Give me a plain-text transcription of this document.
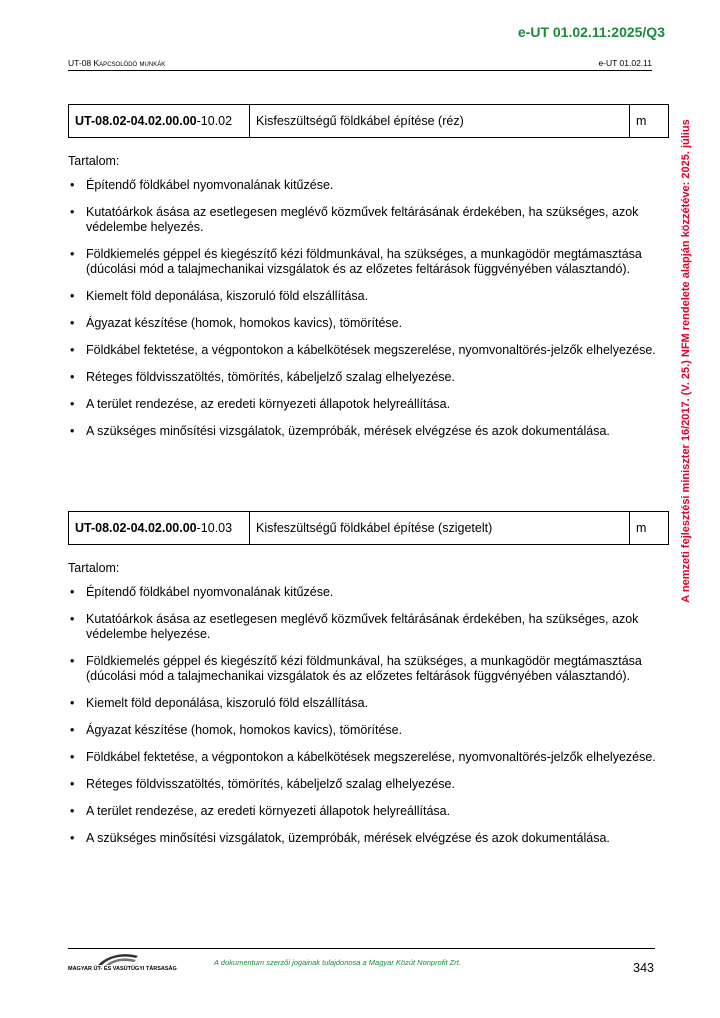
e-UT 01.02.11:2025/Q3
UT-08 Kapcsolódó munkák	e-UT 01.02.11
A nemzeti fejlesztési miniszter 16/2017. (V. 25.) NFM rendelete alapján közzétéve: 2025. július
UT-08.02-04.02.00.00-10.02	Kisfeszültségű földkábel építése (réz)	m
Tartalom:
• Építendő földkábel nyomvonalának kitűzése.
• Kutatóárkok ásása az esetlegesen meglévő közművek feltárásának érdekében, ha szükséges, azok védelembe helyezés.
• Földkiemelés géppel és kiegészítő kézi földmunkával, ha szükséges, a munkagödör megtámasztása (dúcolási mód a talajmechanikai vizsgálatok és az előzetes feltárások függvényében választandó).
• Kiemelt föld deponálása, kiszoruló föld elszállítása.
• Ágyazat készítése (homok, homokos kavics), tömörítése.
• Földkábel fektetése, a végpontokon a kábelkötések megszerelése, nyomvonaltörés-jelzők elhelyezése.
• Réteges földvisszatöltés, tömörítés, kábeljelző szalag elhelyezése.
• A terület rendezése, az eredeti környezeti állapotok helyreállítása.
• A szükséges minősítési vizsgálatok, üzempróbák, mérések elvégzése és azok dokumentálása.
UT-08.02-04.02.00.00-10.03	Kisfeszültségű földkábel építése (szigetelt)	m
Tartalom:
• Építendő földkábel nyomvonalának kitűzése.
• Kutatóárkok ásása az esetlegesen meglévő közművek feltárásának érdekében, ha szükséges, azok védelembe helyezése.
• Földkiemelés géppel és kiegészítő kézi földmunkával, ha szükséges, a munkagödör megtámasztása (dúcolási mód a talajmechanikai vizsgálatok és az előzetes feltárások függvényében választandó).
• Kiemelt föld deponálása, kiszoruló föld elszállítása.
• Ágyazat készítése (homok, homokos kavics), tömörítése.
• Földkábel fektetése, a végpontokon a kábelkötések megszerelése, nyomvonaltörés-jelzők elhelyezése.
• Réteges földvisszatöltés, tömörítés, kábeljelző szalag elhelyezése.
• A terület rendezése, az eredeti környezeti állapotok helyreállítása.
• A szükséges minősítési vizsgálatok, üzempróbák, mérések elvégzése és azok dokumentálása.
MAGYAR ÚT- ÉS VASÚTÜGYI TÁRSASÁG
A dokumentum szerzői jogainak tulajdonosa a Magyar Közút Nonprofit Zrt.	343
